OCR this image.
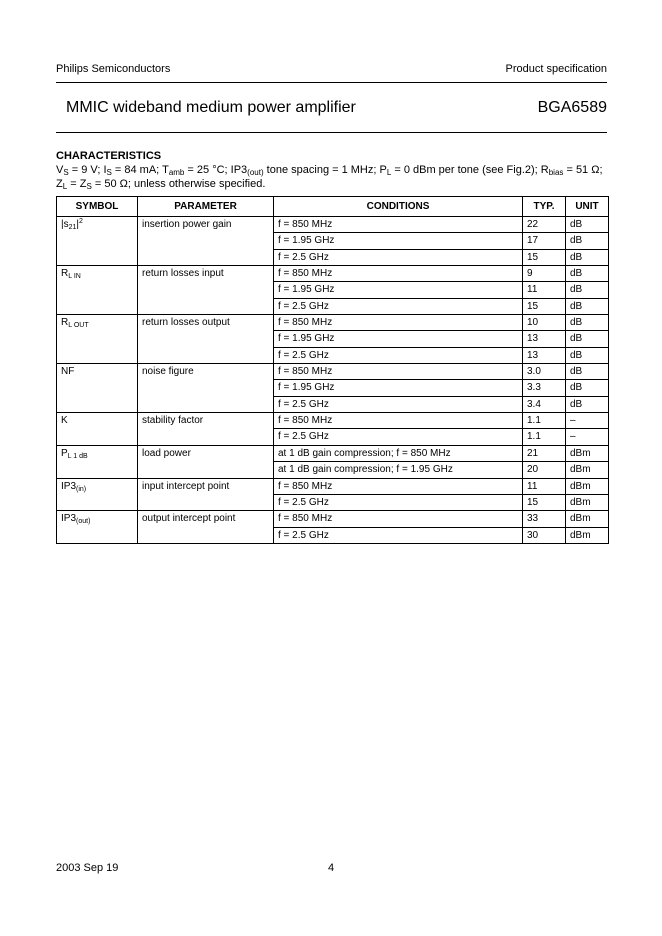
Philips Semiconductors	Product specification
MMIC wideband medium power amplifier	BGA6589
CHARACTERISTICS
$V_S = 9$ V; $I_S = 84$ mA; $T_{amb} = 25$ °C; $IP3_{(out)}$ tone spacing = 1 MHz; $P_L = 0$ dBm per tone (see Fig.2); $R_{bias} = 51$ Ω;
$Z_L = Z_S = 50$ Ω; unless otherwise specified.
SYMBOL	PARAMETER	CONDITIONS	TYP.	UNIT
$|s_{21}|^2$	insertion power gain	f = 850 MHz	22	dB
		f = 1.95 GHz	17	dB
		f = 2.5 GHz	15	dB
$R_{L IN}$	return losses input	f = 850 MHz	9	dB
		f = 1.95 GHz	11	dB
		f = 2.5 GHz	15	dB
$R_{L OUT}$	return losses output	f = 850 MHz	10	dB
		f = 1.95 GHz	13	dB
		f = 2.5 GHz	13	dB
NF	noise figure	f = 850 MHz	3.0	dB
		f = 1.95 GHz	3.3	dB
		f = 2.5 GHz	3.4	dB
K	stability factor	f = 850 MHz	1.1	–
		f = 2.5 GHz	1.1	–
$P_{L 1 dB}$	load power	at 1 dB gain compression; f = 850 MHz	21	dBm
		at 1 dB gain compression; f = 1.95 GHz	20	dBm
$IP3_{(in)}$	input intercept point	f = 850 MHz	11	dBm
		f = 2.5 GHz	15	dBm
$IP3_{(out)}$	output intercept point	f = 850 MHz	33	dBm
		f = 2.5 GHz	30	dBm
2003 Sep 19	4
